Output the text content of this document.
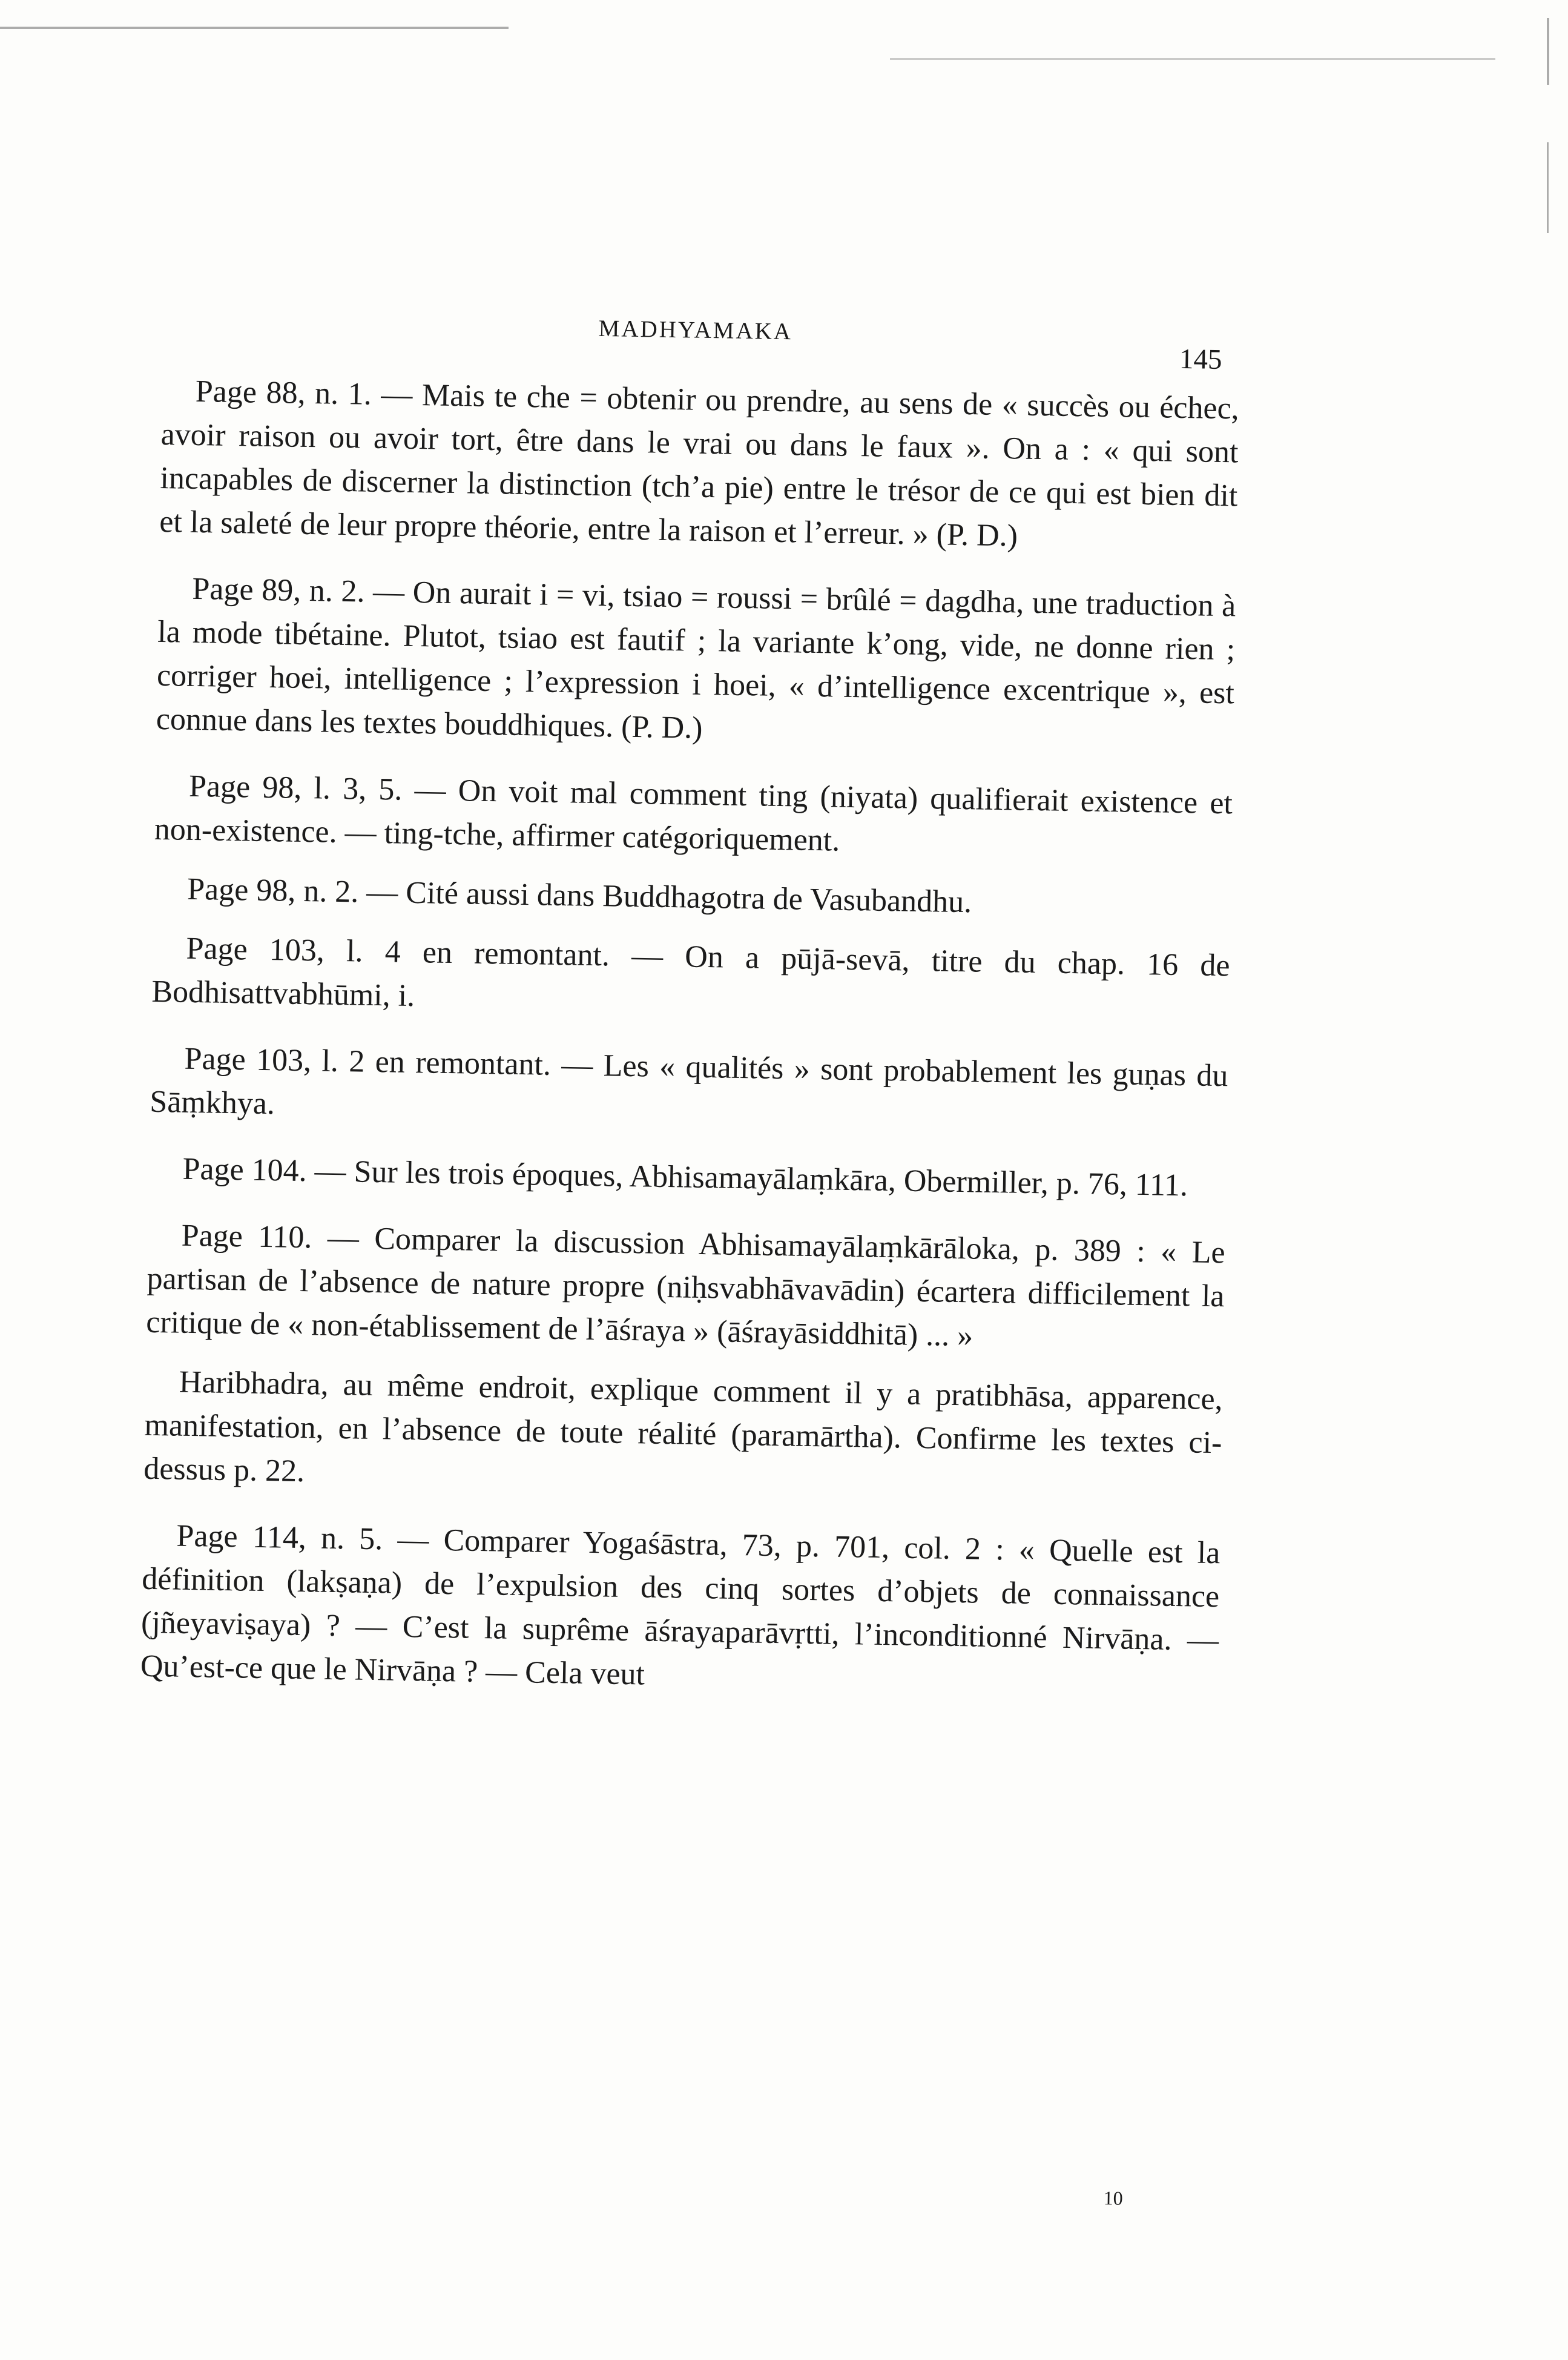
MADHYAMAKA

145

Page 88, n. 1. — Mais te che = obtenir ou prendre, au sens de « succès ou échec, avoir raison ou avoir tort, être dans le vrai ou dans le faux ». On a : « qui sont incapables de discerner la distinction (tch’a pie) entre le trésor de ce qui est bien dit et la saleté de leur propre théorie, entre la raison et l’erreur. » (P. D.)

Page 89, n. 2. — On aurait i = vi, tsiao = roussi = brûlé = dagdha, une traduction à la mode tibétaine. Plutot, tsiao est fautif ; la variante k’ong, vide, ne donne rien ; corriger hoei, intelligence ; l’expression i hoei, « d’intelligence excentrique », est connue dans les textes bouddhiques. (P. D.)

Page 98, l. 3, 5. — On voit mal comment ting (niyata) qualifierait existence et non-existence. — ting-tche, affirmer catégoriquement.

Page 98, n. 2. — Cité aussi dans Buddhagotra de Vasubandhu.

Page 103, l. 4 en remontant. — On a pūjā-sevā, titre du chap. 16 de Bodhisattvabhūmi, i.

Page 103, l. 2 en remontant. — Les « qualités » sont probablement les guṇas du Sāṃkhya.

Page 104. — Sur les trois époques, Abhisamayālaṃkāra, Obermiller, p. 76, 111.

Page 110. — Comparer la discussion Abhisamayālaṃkārāloka, p. 389 : « Le partisan de l’absence de nature propre (niḥsvabhāvavādin) écartera difficilement la critique de « non-établissement de l’āśraya » (āśrayāsiddhitā) ... »

Haribhadra, au même endroit, explique comment il y a pratibhāsa, apparence, manifestation, en l’absence de toute réalité (paramārtha). Confirme les textes ci-dessus p. 22.

Page 114, n. 5. — Comparer Yogaśāstra, 73, p. 701, col. 2 : « Quelle est la définition (lakṣaṇa) de l’expulsion des cinq sortes d’objets de connaissance (jñeyaviṣaya) ? — C’est la suprême āśrayaparāvṛtti, l’inconditionné Nirvāṇa. — Qu’est-ce que le Nirvāṇa ? — Cela veut

10
